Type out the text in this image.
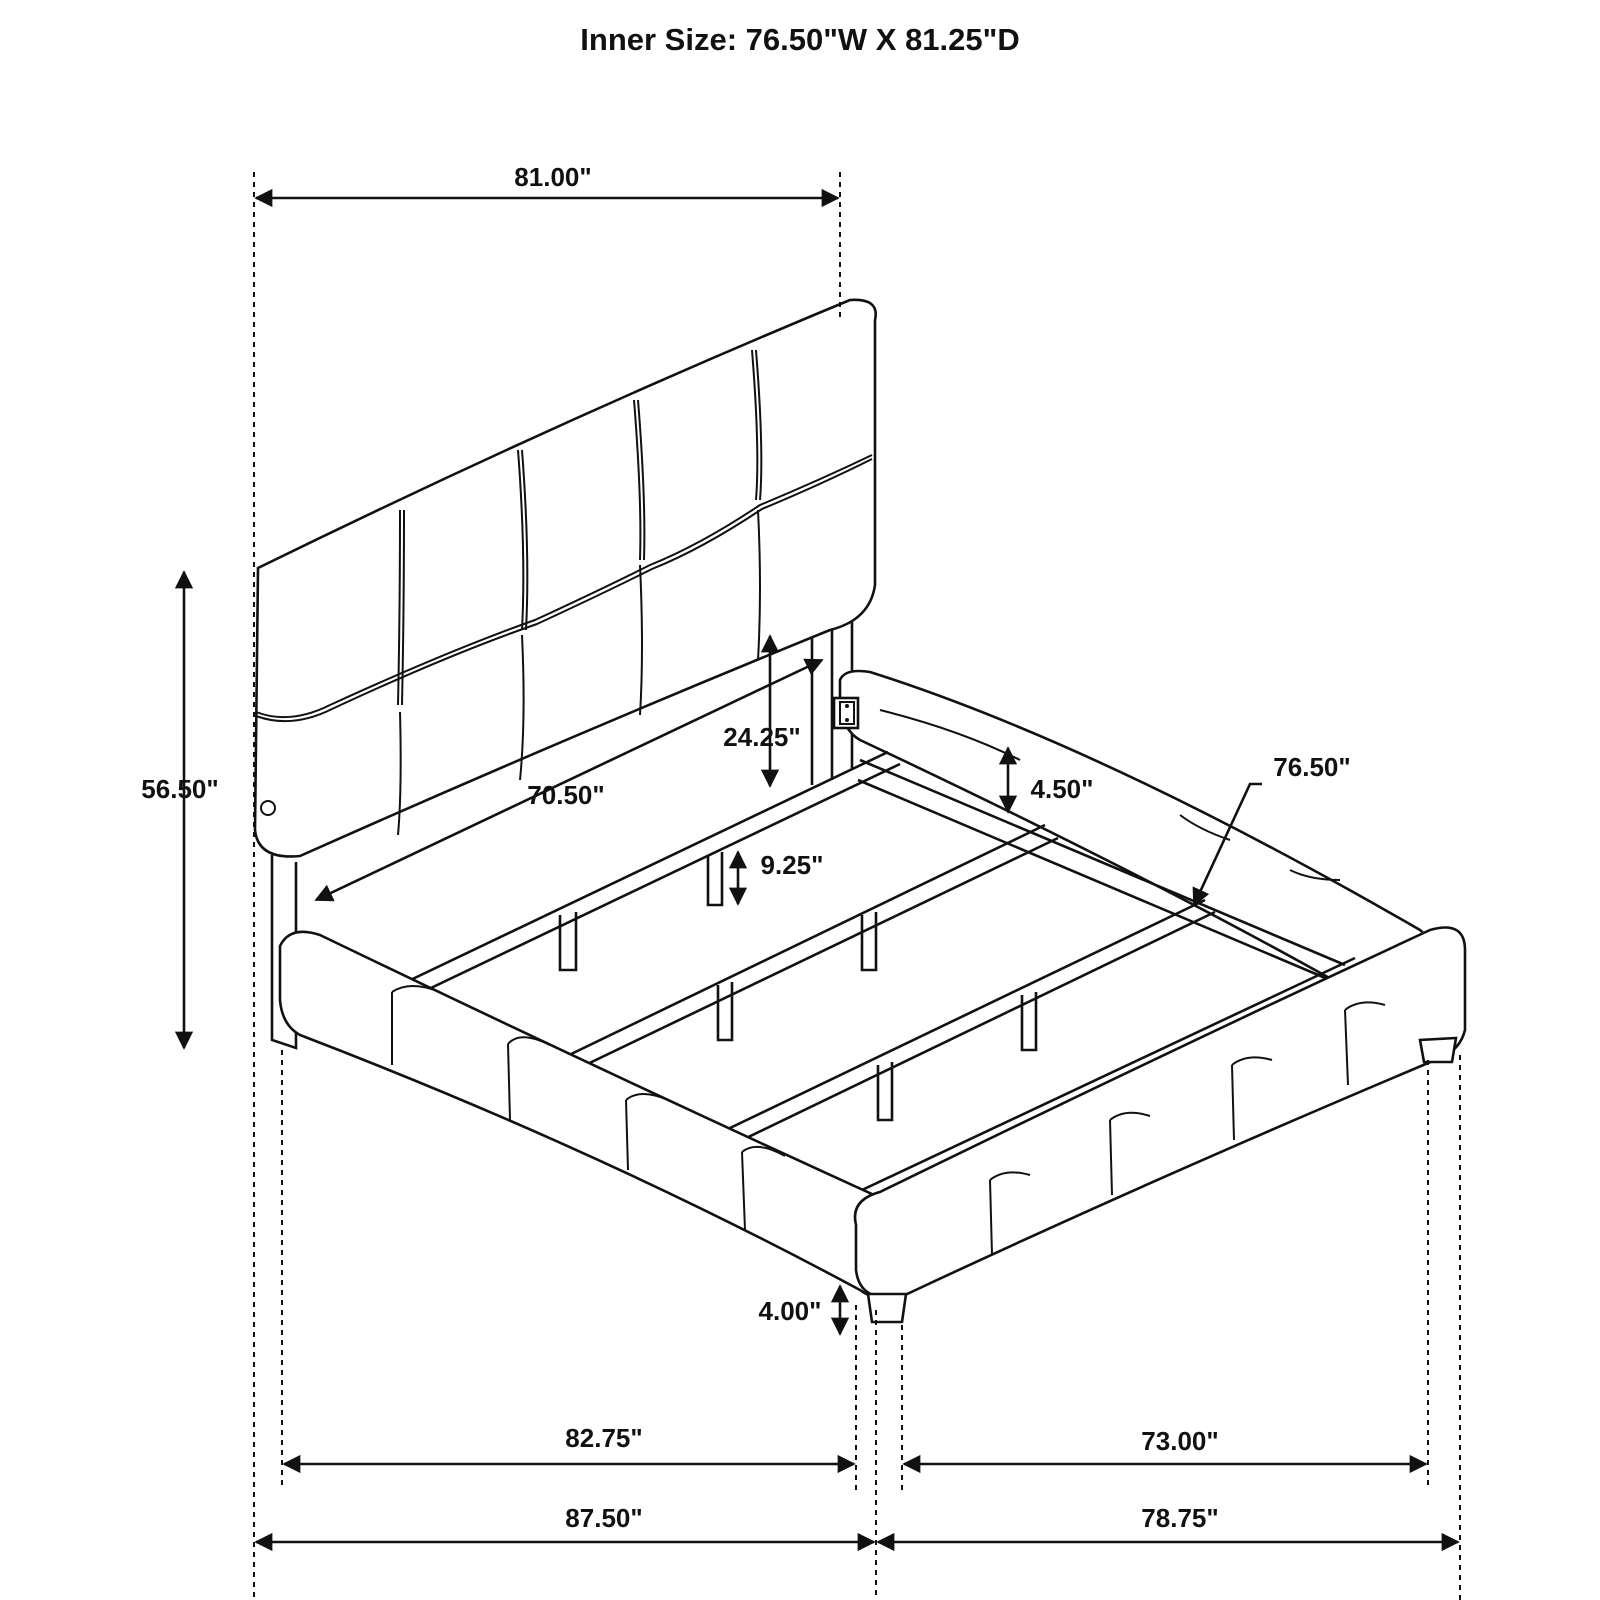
Inner Size: 76.50"W X 81.25"D
81.00"
56.50"
24.25"
70.50"	4.50"
76.50"
9.25"
4.00"
82.75"
87.50"
73.00"
78.75"
